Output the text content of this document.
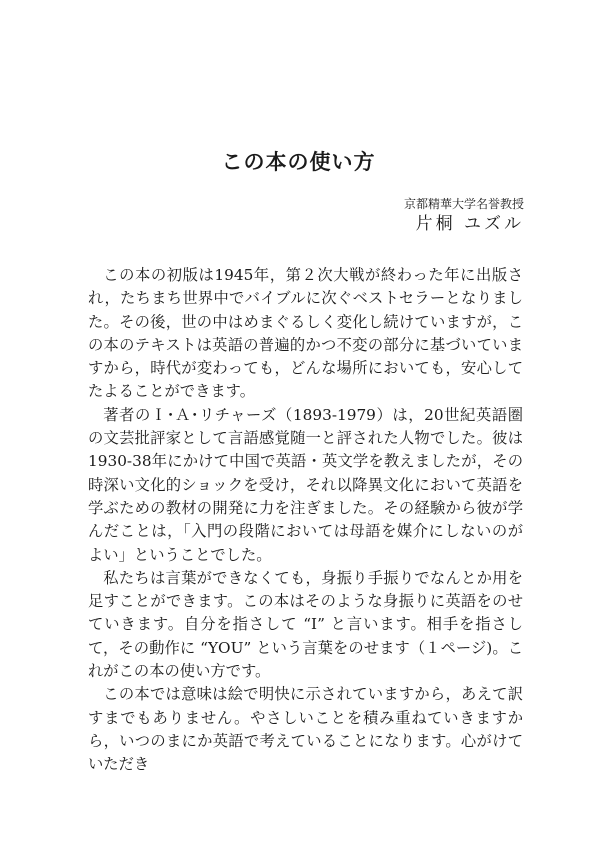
この本の使い方

京都精華大学名誉教授

片桐 ユズル

この本の初版は1945年，第２次大戦が終わった年に出版され，たちまち世界中でバイブルに次ぐベストセラーとなりました。その後，世の中はめまぐるしく変化し続けていますが，この本のテキストは英語の普遍的かつ不変の部分に基づいていますから，時代が変わっても，どんな場所においても，安心してたよることができます。

著者のＩ･Ａ･リチャーズ（1893-1979）は，20世紀英語圏の文芸批評家として言語感覚随一と評された人物でした。彼は1930-38年にかけて中国で英語・英文学を教えましたが，その時深い文化的ショックを受け，それ以降異文化において英語を学ぶための教材の開発に力を注ぎました。その経験から彼が学んだことは，「入門の段階においては母語を媒介にしないのがよい」ということでした。

私たちは言葉ができなくても，身振り手振りでなんとか用を足すことができます。この本はそのような身振りに英語をのせていきます。自分を指さして “I” と言います。相手を指さして，その動作に “YOU” という言葉をのせます（１ページ)。これがこの本の使い方です。

この本では意味は絵で明快に示されていますから，あえて訳すまでもありません。やさしいことを積み重ねていきますから，いつのまにか英語で考えていることになります。心がけていただき
